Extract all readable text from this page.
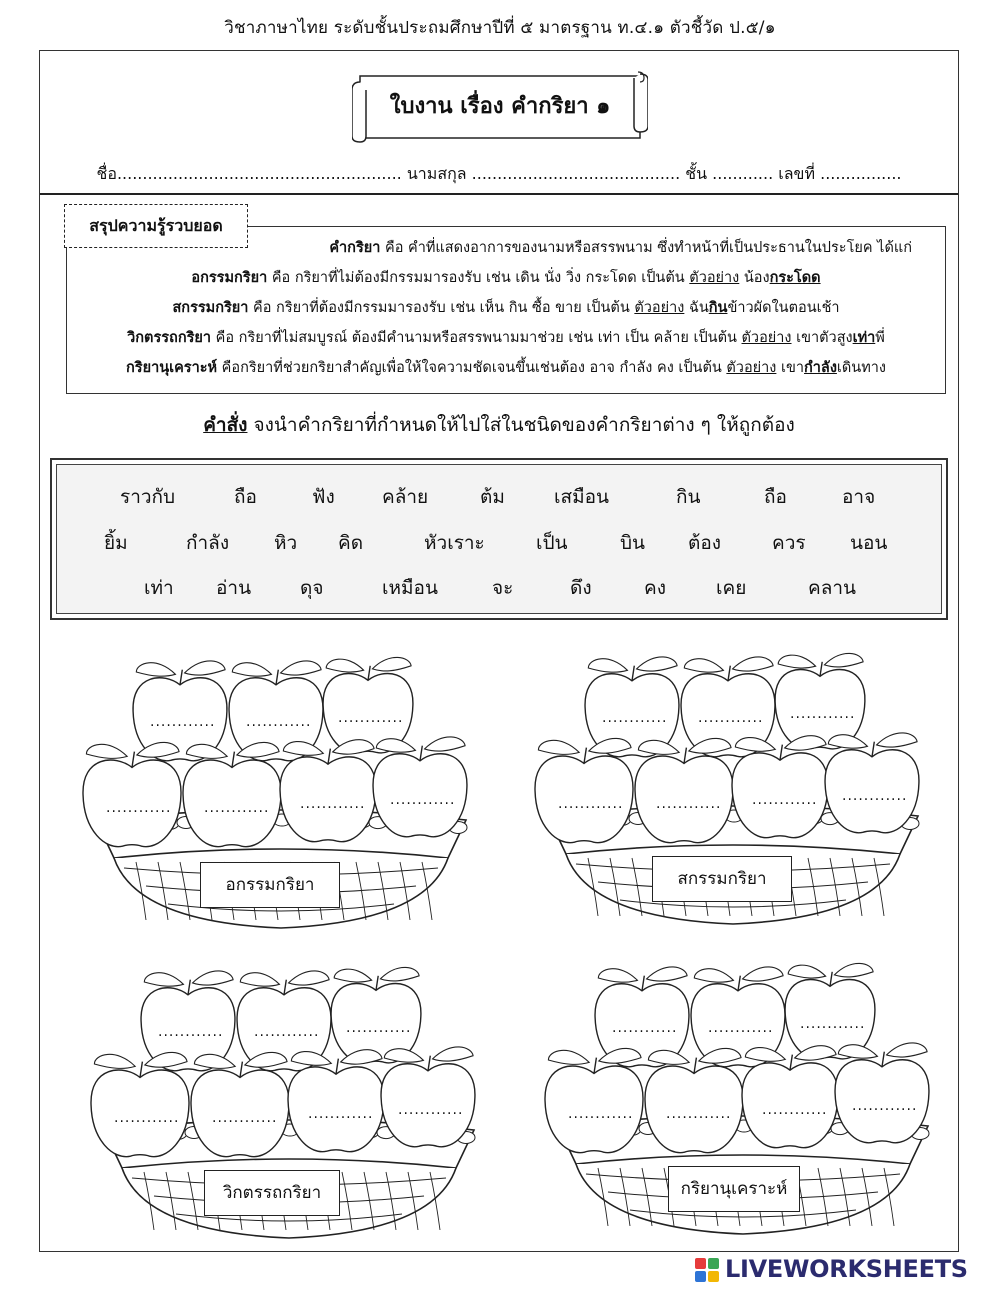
วิชาภาษาไทย ระดับชั้นประถมศึกษาปีที่ ๕ มาตรฐาน ท.๔.๑ ตัวชี้วัด ป.๕/๑
ใบงาน เรื่อง คำกริยา ๑
ชื่อ........................................................ นามสกุล ......................................... ชั้น ............ เลขที่ ................
สรุปความรู้รวบยอด
คำกริยา คือ คำที่แสดงอาการของนามหรือสรรพนาม ซึ่งทำหน้าที่เป็นประธานในประโยค ได้แก่
อกรรมกริยา คือ กริยาที่ไม่ต้องมีกรรมมารองรับ เช่น เดิน นั่ง วิ่ง กระโดด เป็นต้น ตัวอย่าง น้องกระโดด
สกรรมกริยา คือ กริยาที่ต้องมีกรรมมารองรับ เช่น เห็น กิน ซื้อ ขาย เป็นต้น ตัวอย่าง ฉันกินข้าวผัดในตอนเช้า
วิกตรรถกริยา คือ กริยาที่ไม่สมบูรณ์ ต้องมีคำนามหรือสรรพนามมาช่วย เช่น เท่า เป็น คล้าย เป็นต้น ตัวอย่าง เขาตัวสูงเท่าพี่
กริยานุเคราะห์ คือกริยาที่ช่วยกริยาสำคัญเพื่อให้ใจความชัดเจนขึ้นเช่นต้อง อาจ กำลัง คง เป็นต้น ตัวอย่าง เขากำลังเดินทาง
คำสั่ง จงนำคำกริยาที่กำหนดให้ไปใส่ในชนิดของคำกริยาต่าง ๆ ให้ถูกต้อง
ราวกับ	ถือ	ฟัง คล้าย	ต้ม	เสมือน	กิน	ถือ	อาจ
ยิ้ม	กำลัง หิว คิด	หัวเราะ	เป็น	บิน ต้อง	ควร นอน
เท่า อ่าน	ดุจ	เหมือน	จะ	ดึง	คง	เคย	คลาน
............ ............ ............
............ ............ ............ ............
อกรรมกริยา
............ ............ ............
............ ............ ............ ............
สกรรมกริยา
............ ............ ............
............ ............ ............ ............
วิกตรรถกริยา
............ ............ ............
............ ............ ............ ............
กริยานุเคราะห์
LIVEWORKSHEETS
